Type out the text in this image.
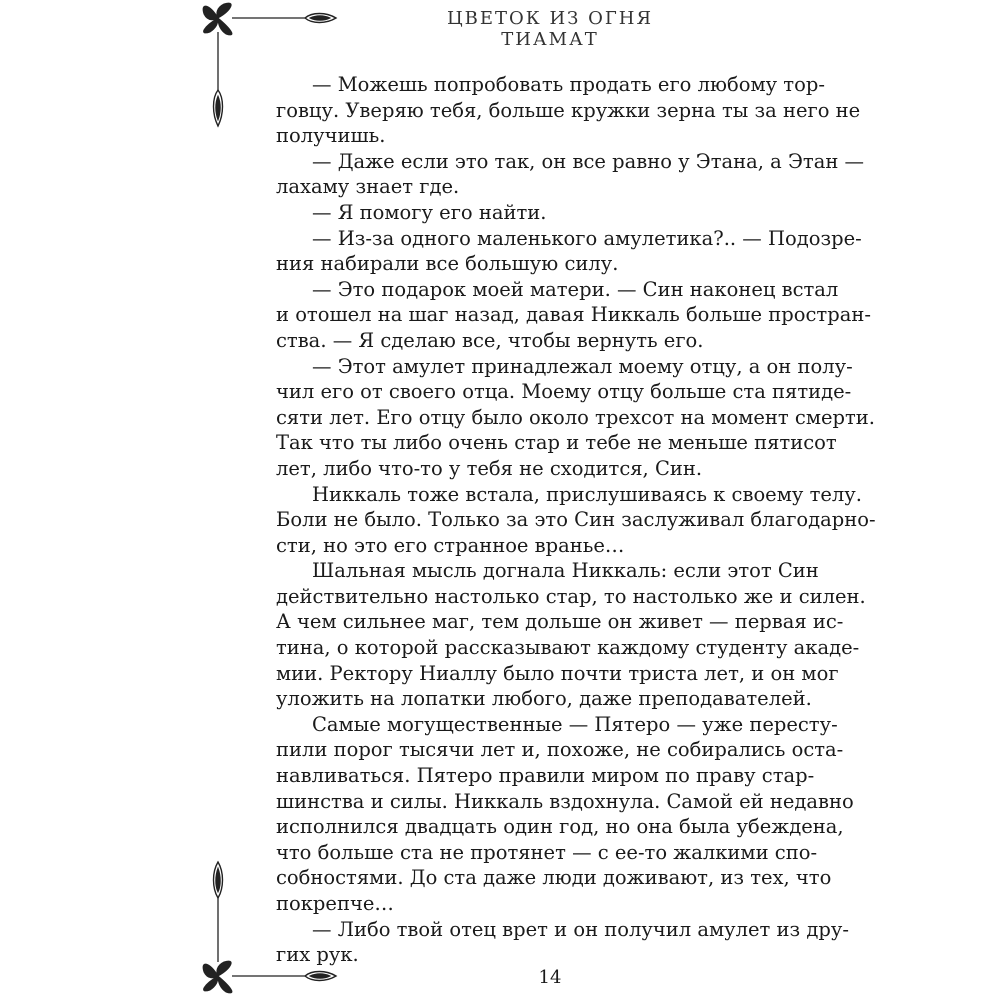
ЦВЕТОК ИЗ ОГНЯ ТИАМАТ
— Можешь попробовать продать его любому тор-
говцу. Уверяю тебя, больше кружки зерна ты за него не
получишь.
— Даже если это так, он все равно у Этана, а Этан —
лахаму знает где.
— Я помогу его найти.
— Из-за одного маленького амулетика?.. — Подозре-
ния набирали все большую силу.
— Это подарок моей матери. — Син наконец встал
и отошел на шаг назад, давая Никкаль больше простран-
ства. — Я сделаю все, чтобы вернуть его.
— Этот амулет принадлежал моему отцу, а он полу-
чил его от своего отца. Моему отцу больше ста пятиде-
сяти лет. Его отцу было около трехсот на момент смерти.
Так что ты либо очень стар и тебе не меньше пятисот
лет, либо что-то у тебя не сходится, Син.
Никкаль тоже встала, прислушиваясь к своему телу.
Боли не было. Только за это Син заслуживал благодарно-
сти, но это его странное вранье…
Шальная мысль догнала Никкаль: если этот Син
действительно настолько стар, то настолько же и силен.
А чем сильнее маг, тем дольше он живет — первая ис-
тина, о которой рассказывают каждому студенту акаде-
мии. Ректору Ниаллу было почти триста лет, и он мог
уложить на лопатки любого, даже преподавателей.
Самые могущественные — Пятеро — уже пересту-
пили порог тысячи лет и, похоже, не собирались оста-
навливаться. Пятеро правили миром по праву стар-
шинства и силы. Никкаль вздохнула. Самой ей недавно
исполнился двадцать один год, но она была убеждена,
что больше ста не протянет — с ее-то жалкими спо-
собностями. До ста даже люди доживают, из тех, что
покрепче…
— Либо твой отец врет и он получил амулет из дру-
гих рук.
14
